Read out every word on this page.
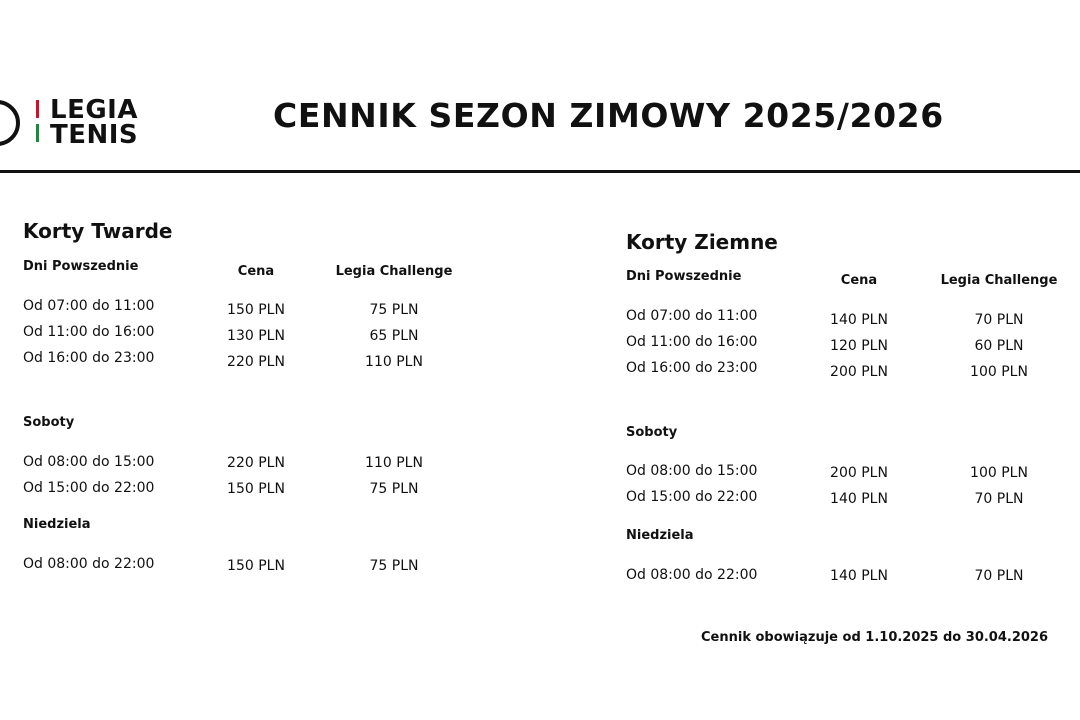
LEGIA
TENIS	CENNIK SEZON ZIMOWY 2025/2026
Korty Twarde
Dni Powszednie	Cena	Legia Challenge
Od 07:00 do 11:00	150 PLN	75 PLN
Od 11:00 do 16:00	130 PLN	65 PLN
Od 16:00 do 23:00	220 PLN	110 PLN
Soboty
Od 08:00 do 15:00	220 PLN	110 PLN
Od 15:00 do 22:00	150 PLN	75 PLN
Niedziela
Od 08:00 do 22:00	150 PLN	75 PLN
Korty Ziemne
Dni Powszednie	Cena	Legia Challenge
Od 07:00 do 11:00	140 PLN	70 PLN
Od 11:00 do 16:00	120 PLN	60 PLN
Od 16:00 do 23:00	200 PLN	100 PLN
Soboty
Od 08:00 do 15:00	200 PLN	100 PLN
Od 15:00 do 22:00	140 PLN	70 PLN
Niedziela
Od 08:00 do 22:00	140 PLN	70 PLN
Cennik obowiązuje od 1.10.2025 do 30.04.2026
